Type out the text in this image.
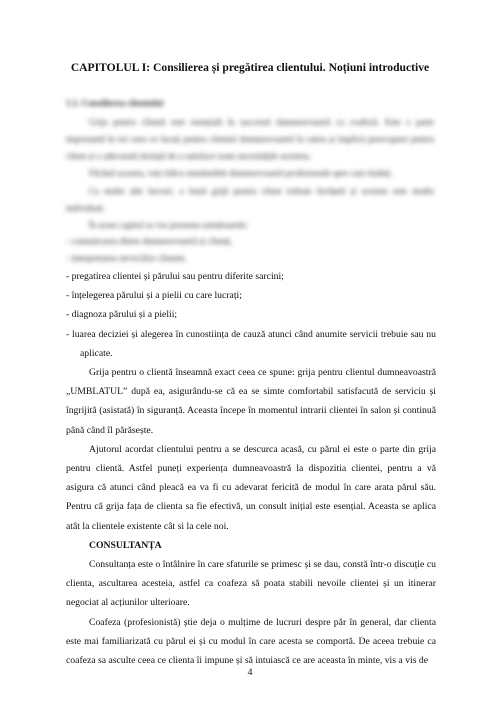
CAPITOLUL I: Consilierea și pregătirea clientului. Noțiuni introductive
1.1. Consilierea clientului
Grija pentru clientă este esențială în succesul dumneavoastră ca coafeză. Este o parte importantă în tot ceea ce faceți pentru clientul dumneavoastră în salon și implică preocupare pentru client și o adevarată dorință de a satisface toate necesitățile acesteia.
Făcând aceasta, veți ridica standardele dumneavoastră profesionale spre care tindeți.
Ca multe alte lucruri, o bună grijă pentru client trebuie învățată și aceasta este studiu individual.
În acest capitol se vor prezenta următoarele:
- comunicarea dintre dumneavoastră și clienți,
- interpretarea serviciilor clientei,

- pregatirea clientei și părului sau pentru diferite sarcini;

- înțelegerea părului și a pielii cu care lucrați;

- diagnoza părului și a pielii;

- luarea deciziei și alegerea în cunostiința de cauză atunci când anumite servicii trebuie sau nu aplicate.

Grija pentru o clientă înseamnă exact ceea ce spune: grija pentru clientul dumneavoastră „UMBLATUL” după ea, asigurându-se că ea se simte comfortabil satisfacută de serviciu și îngrijită (asistată) în siguranță. Aceasta începe în momentul intrarii clientei în salon și continuă până când îl părăsește.

Ajutorul acordat clientului pentru a se descurca acasă, cu părul ei este o parte din grija pentru clientă. Astfel puneți experiența dumneavoastră la dispozitia clientei, pentru a vă asigura că atunci când pleacă ea va fi cu adevarat fericită de modul în care arata părul său. Pentru că grija fața de clienta sa fie efectivă, un consult inițial este esențial. Aceasta se aplica atât la clientele existente cât si la cele noi.

CONSULTANȚA

Consultanța este o întâlnire în care sfaturile se primesc și se dau, constă într-o discuție cu clienta, ascultarea acesteia, astfel ca coafeza să poata stabili nevoile clientei și un itinerar negociat al acțiunilor ulterioare.

Coafeza (profesionistă) știe deja o mulțime de lucruri despre păr în general, dar clienta este mai familiarizată cu părul ei și cu modul în care acesta se comportă. De aceea trebuie ca coafeza sa asculte ceea ce clienta îi impune și să intuiască ce are aceasta în minte, vis a vis de

4
